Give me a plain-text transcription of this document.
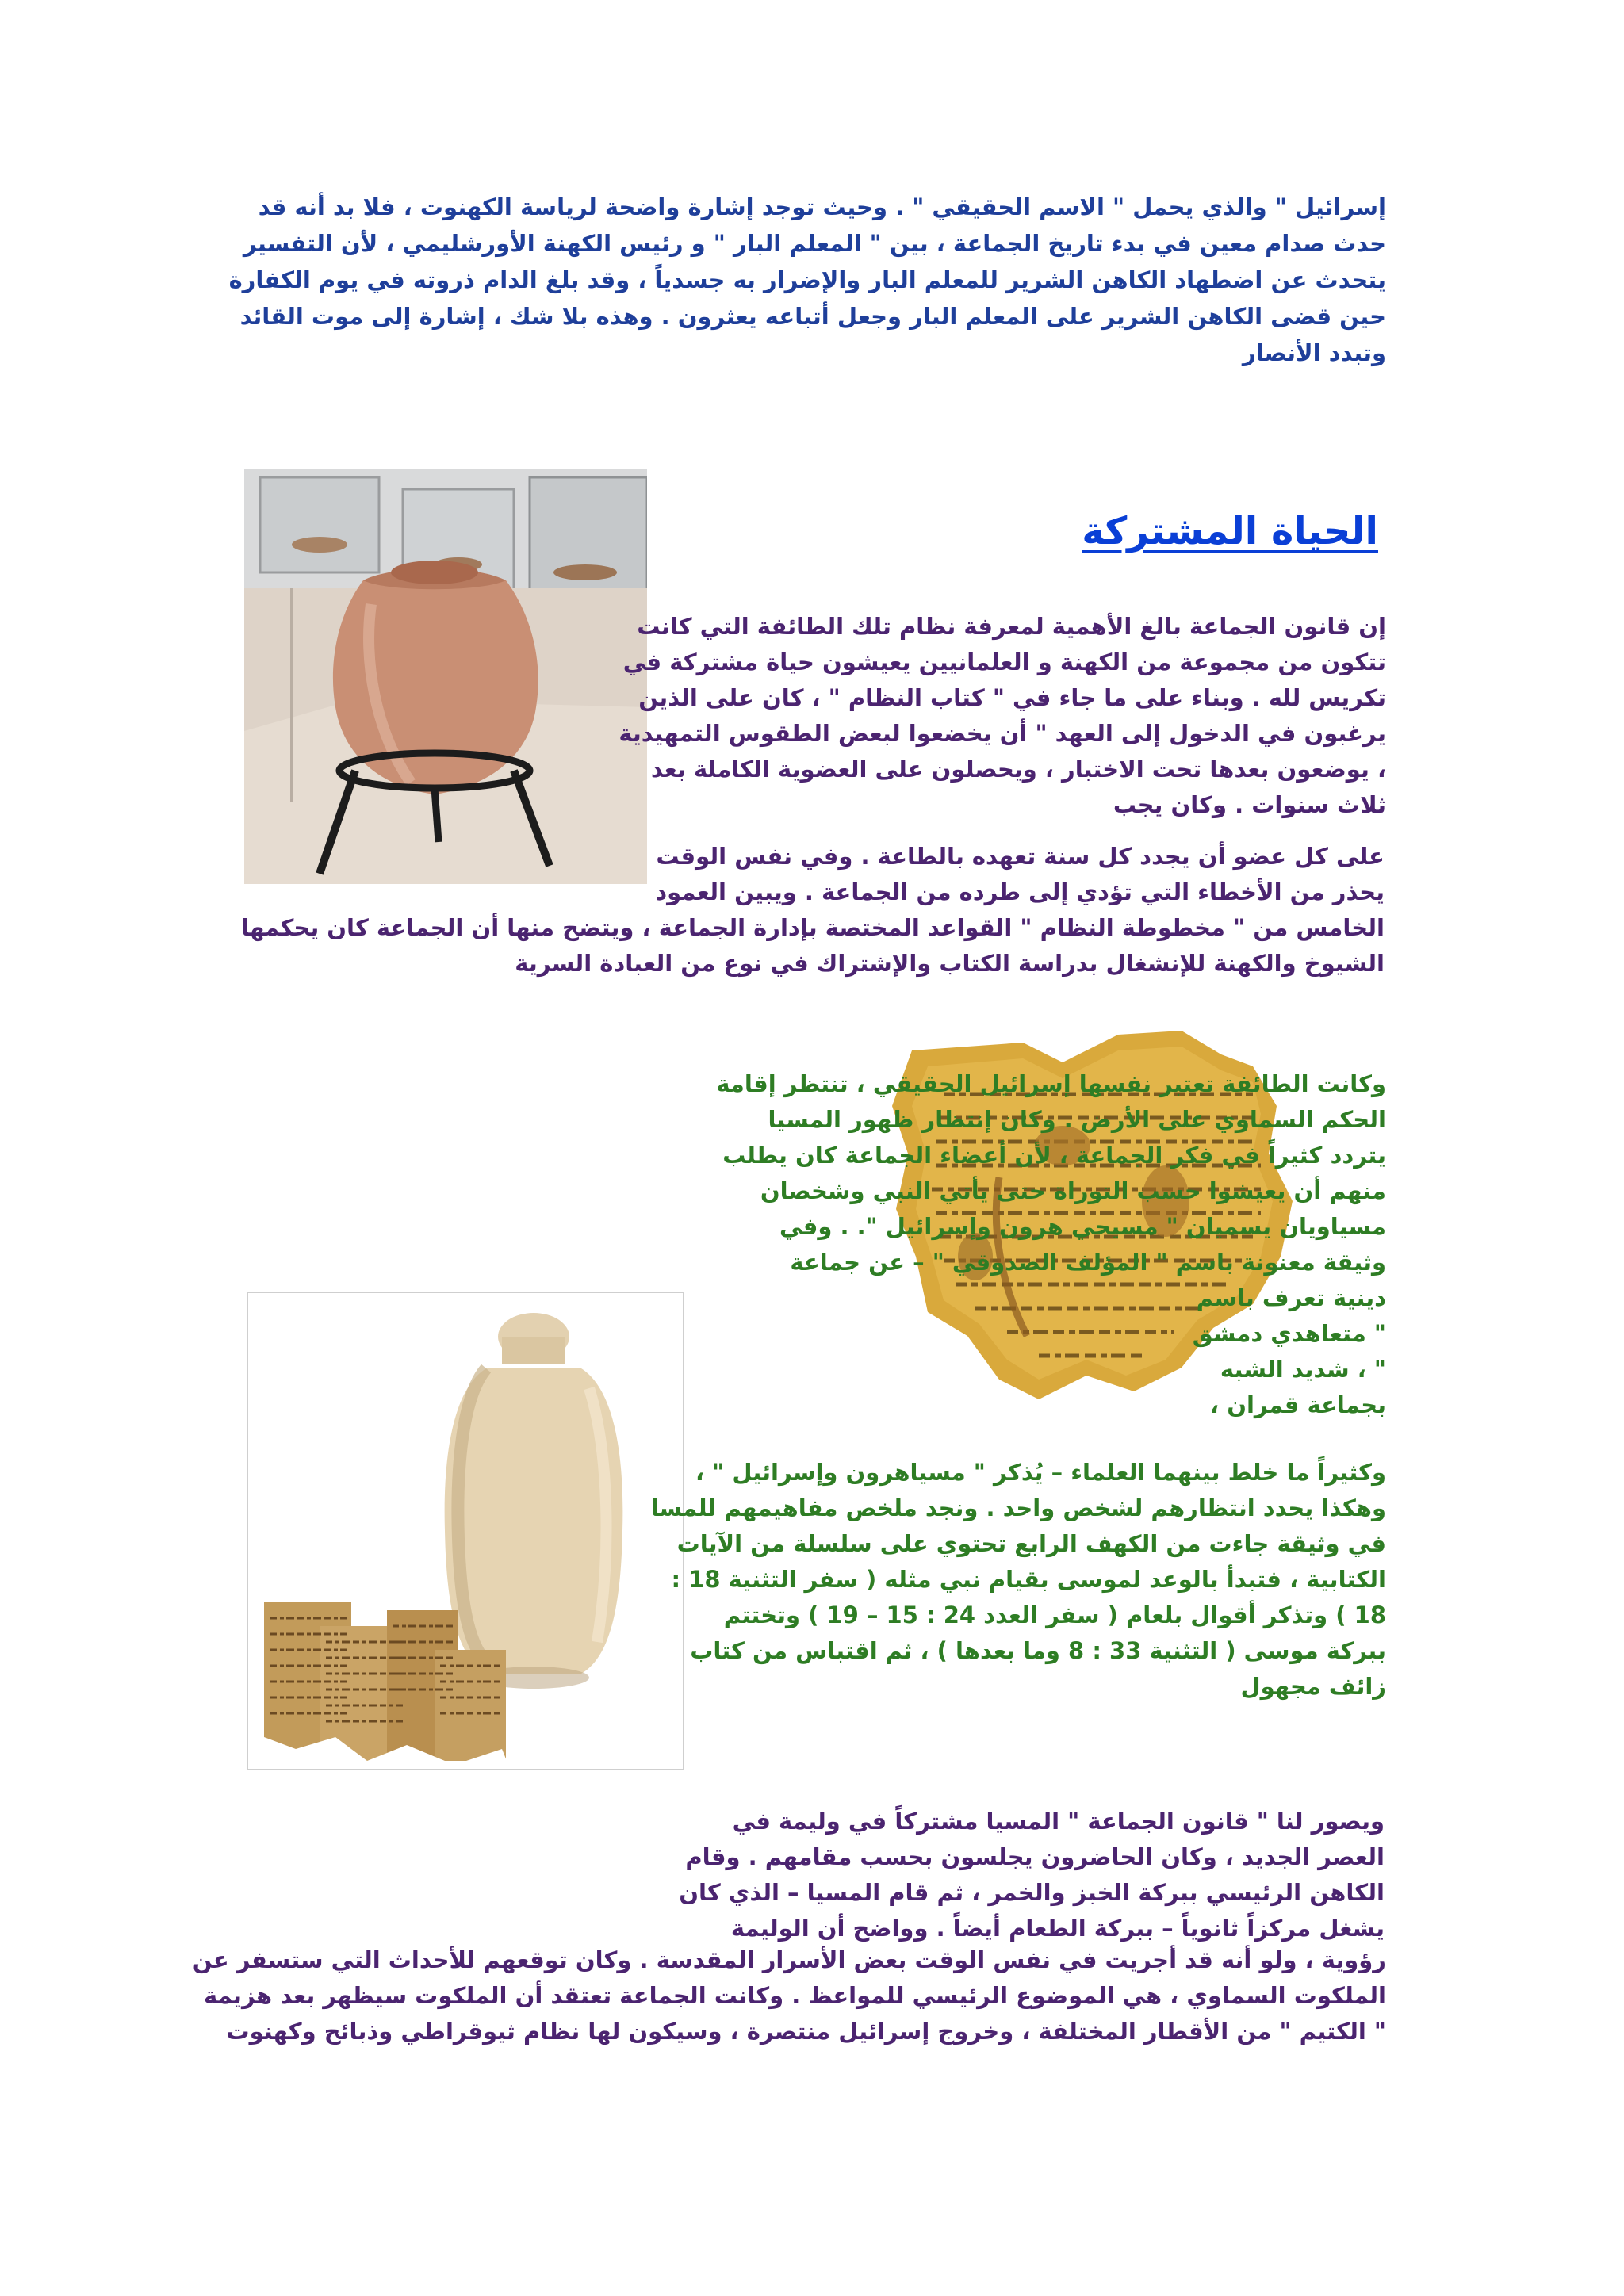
إسرائيل " والذي يحمل " الاسم الحقيقي " . وحيث توجد إشارة واضحة لرياسة الكهنوت ، فلا بد أنه قد
حدث صدام معين في بدء تاريخ الجماعة ، بين " المعلم البار " و رئيس الكهنة الأورشليمي ، لأن التفسير
يتحدث عن اضطهاد الكاهن الشرير للمعلم البار والإضرار به جسدياً ، وقد بلغ الدام ذروته في يوم الكفارة
حين قضى الكاهن الشرير على المعلم البار وجعل أتباعه يعثرون . وهذه بلا شك ، إشارة إلى موت القائد
وتبدد الأنصار
الحياة المشتركة
إن قانون الجماعة بالغ الأهمية لمعرفة نظام تلك الطائفة التي كانت
تتكون من مجموعة من الكهنة و العلمانيين يعيشون حياة مشتركة في
تكريس لله . وبناء على ما جاء في " كتاب النظام " ، كان على الذين
يرغبون في الدخول إلى العهد " أن يخضعوا لبعض الطقوس التمهيدية
، يوضعون بعدها تحت الاختبار ، ويحصلون على العضوية الكاملة بعد
ثلاث سنوات . وكان يجب
على كل عضو أن يجدد كل سنة تعهده بالطاعة . وفي نفس الوقت
يحذر من الأخطاء التي تؤدي إلى طرده من الجماعة . ويبين العمود
الخامس من " مخطوطة النظام " القواعد المختصة بإدارة الجماعة ، ويتضح منها أن الجماعة كان يحكمها
الشيوخ والكهنة للإنشغال بدراسة الكتاب والإشتراك في نوع من العبادة السرية
وكانت الطائفة تعتبر نفسها إسرائيل الحقيقي ، تنتظر إقامة
الحكم السماوي على الأرض . وكان إنتظار ظهور المسيا
يتردد كثيراً في فكر الجماعة ، لأن أعضاء الجماعة كان يطلب
منهم أن يعيشوا حسب التوراة حتى يأتي النبي وشخصان
مسياويان يسميان " مسيحي هرون وإسرائيل ". . وفي
وثيقة معنونة باسم " المؤلف الصدوقي " – عن جماعة
دينية تعرف باسم
" متعاهدي دمشق
" ، شديد الشبه
بجماعة قمران ،
وكثيراً ما خلط بينهما العلماء – يُذكر " مسياهرون وإسرائيل " ،
وهكذا يحدد انتظارهم لشخص واحد . ونجد ملخص مفاهيمهم للمسا
في وثيقة جاءت من الكهف الرابع تحتوي على سلسلة من الآيات
الكتابية ، فتبدأ بالوعد لموسى بقيام نبي مثله ( سفر التثنية 18 :
18 ) وتذكر أقوال بلعام ( سفر العدد 24 : 15 – 19 ) وتختتم
ببركة موسى ( التثنية 33 : 8 وما بعدها ) ، ثم اقتباس من كتاب
زائف مجهول
ويصور لنا " قانون الجماعة " المسيا مشتركاً في وليمة في
العصر الجديد ، وكان الحاضرون يجلسون بحسب مقامهم . وقام
الكاهن الرئيسي ببركة الخبز والخمر ، ثم قام المسيا – الذي كان
يشغل مركزاً ثانوياً – ببركة الطعام أيضاً . وواضح أن الوليمة
رؤوية ، ولو أنه قد أجريت في نفس الوقت بعض الأسرار المقدسة . وكان توقعهم للأحداث التي ستسفر عن
الملكوت السماوي ، هي الموضوع الرئيسي للمواعظ . وكانت الجماعة تعتقد أن الملكوت سيظهر بعد هزيمة
" الكتيم " من الأقطار المختلفة ، وخروج إسرائيل منتصرة ، وسيكون لها نظام ثيوقراطي وذبائح وكهنوت
